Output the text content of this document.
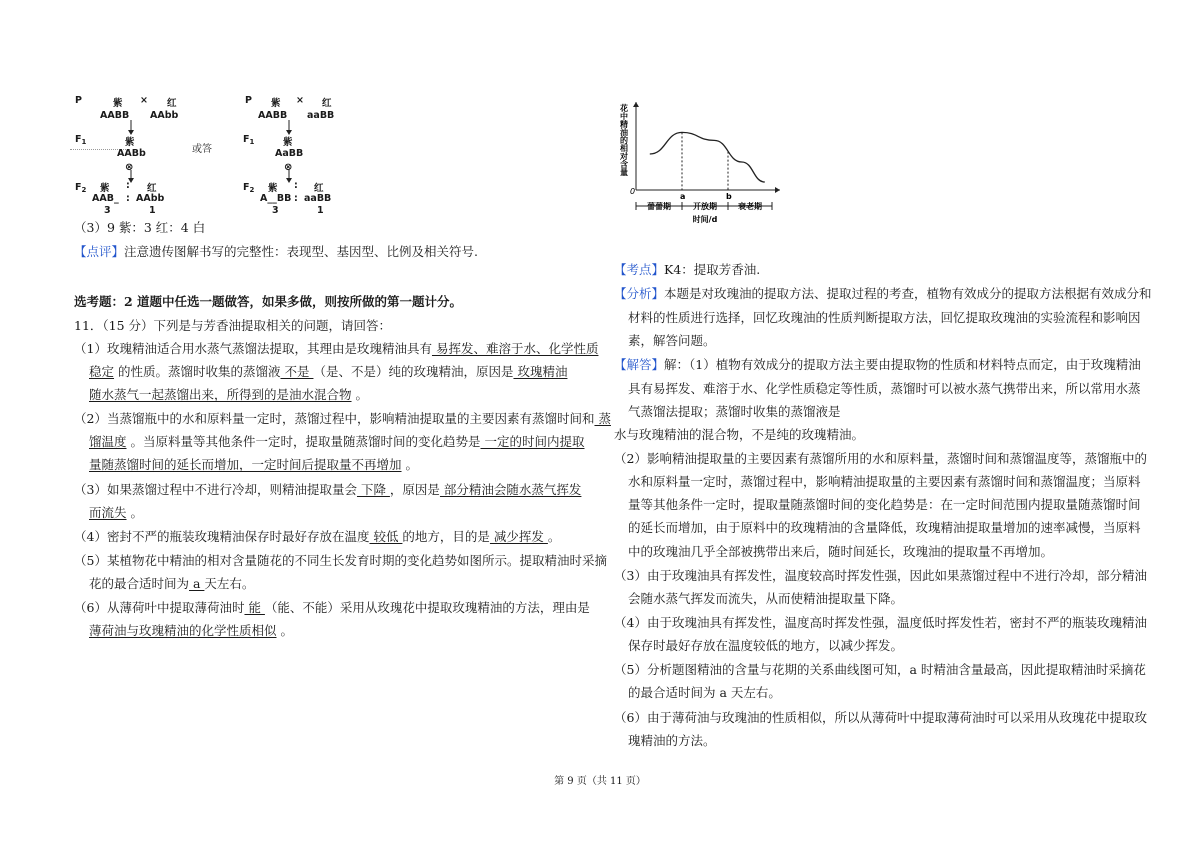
P	紫 × 红
AABB AAbb
$F_1$	紫
AABb
⊗
$F_2$ 紫 : 红
AAB_ : AAbb
3	1
或答
P 紫 × 红
AABB aaBB
$F_1$	紫
AaBB
⊗
$F_2$ 紫 : 红
A__BB : aaBB
3	1
（3）9 紫：3 红：4 白
【点评】注意遗传图解书写的完整性：表现型、基因型、比例及相关符号.
选考题：2 道题中任选一题做答，如果多做，则按所做的第一题计分。
11．（15 分）下列是与芳香油提取相关的问题，请回答：
（1）玫瑰精油适合用水蒸气蒸馏法提取，其理由是玫瑰精油具有 易挥发、难溶于水、化学性质
稳定 的性质。蒸馏时收集的蒸馏液 不是 （是、不是）纯的玫瑰精油，原因是 玫瑰精油
随水蒸气一起蒸馏出来，所得到的是油水混合物 。
（2）当蒸馏瓶中的水和原料量一定时，蒸馏过程中，影响精油提取量的主要因素有蒸馏时间和 蒸
馏温度 。当原料量等其他条件一定时，提取量随蒸馏时间的变化趋势是 一定的时间内提取
量随蒸馏时间的延长而增加，一定时间后提取量不再增加 。
（3）如果蒸馏过程中不进行冷却，则精油提取量会 下降 ，原因是 部分精油会随水蒸气挥发
而流失 。
（4）密封不严的瓶装玫瑰精油保存时最好存放在温度 较低 的地方，目的是 减少挥发 。
（5）某植物花中精油的相对含量随花的不同生长发育时期的变化趋势如图所示。提取精油时采摘
花的最合适时间为 a 天左右。
（6）从薄荷叶中提取薄荷油时 能 （能、不能）采用从玫瑰花中提取玫瑰精油的方法，理由是
薄荷油与玫瑰精油的化学性质相似 。
0
花中精油的相对含量
a	b
蕾蕾期	开放期	衰老期
时间/d
【考点】K4：提取芳香油.
【分析】本题是对玫瑰油的提取方法、提取过程的考查，植物有效成分的提取方法根据有效成分和
材料的性质进行选择，回忆玫瑰油的性质判断提取方法，回忆提取玫瑰油的实验流程和影响因
素，解答问题。
【解答】解：（1）植物有效成分的提取方法主要由提取物的性质和材料特点而定，由于玫瑰精油
具有易挥发、难溶于水、化学性质稳定等性质，蒸馏时可以被水蒸气携带出来，所以常用水蒸
气蒸馏法提取；蒸馏时收集的蒸馏液是
水与玫瑰精油的混合物，不是纯的玫瑰精油。
（2）影响精油提取量的主要因素有蒸馏所用的水和原料量，蒸馏时间和蒸馏温度等，蒸馏瓶中的
水和原料量一定时，蒸馏过程中，影响精油提取量的主要因素有蒸馏时间和蒸馏温度；当原料
量等其他条件一定时，提取量随蒸馏时间的变化趋势是：在一定时间范围内提取量随蒸馏时间
的延长而增加，由于原料中的玫瑰精油的含量降低，玫瑰精油提取量增加的速率减慢，当原料
中的玫瑰油几乎全部被携带出来后，随时间延长，玫瑰油的提取量不再增加。
（3）由于玫瑰油具有挥发性，温度较高时挥发性强，因此如果蒸馏过程中不进行冷却，部分精油
会随水蒸气挥发而流失，从而使精油提取量下降。
（4）由于玫瑰油具有挥发性，温度高时挥发性强，温度低时挥发性若，密封不严的瓶装玫瑰精油
保存时最好存放在温度较低的地方，以减少挥发。
（5）分析题图精油的含量与花期的关系曲线图可知，a 时精油含量最高，因此提取精油时采摘花
的最合适时间为 a 天左右。
（6）由于薄荷油与玫瑰油的性质相似，所以从薄荷叶中提取薄荷油时可以采用从玫瑰花中提取玫
瑰精油的方法。
第 9 页（共 11 页）
